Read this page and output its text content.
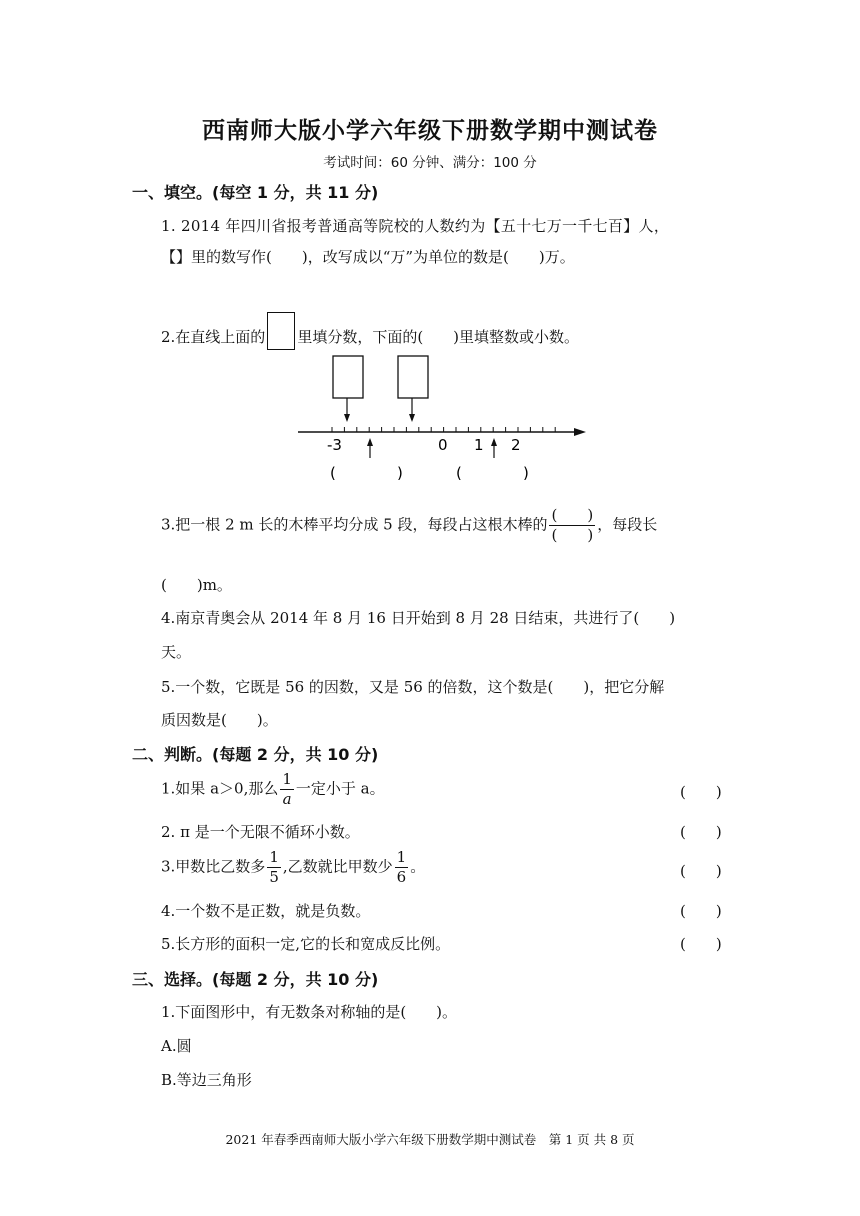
西南师大版小学六年级下册数学期中测试卷
考试时间：60 分钟、满分：100 分
一、填空。(每空 1 分，共 11 分)
1. 2014 年四川省报考普通高等院校的人数约为【五十七万一千七百】人，
【】里的数写作(　　)，改写成以“万”为单位的数是(　　)万。
2.在直线上面的 里填分数，下面的(　　)里填整数或小数。
-3	0 1 2
(	)	(	)
3.把一根 2 m 长的木棒平均分成 5 段，每段占这根木棒的 $\frac{( )}{( )}$ ，每段长
(　　)m。
4.南京青奥会从 2014 年 8 月 16 日开始到 8 月 28 日结束，共进行了(　　)
天。
5.一个数，它既是 56 的因数，又是 56 的倍数，这个数是(　　)，把它分解
质因数是(　　)。
二、判断。(每题 2 分，共 10 分)
1.如果 a＞0,那么 $\frac{1}{a}$ 一定小于 a。	(　　)
2. π 是一个无限不循环小数。	(　　)
3.甲数比乙数多 $\frac{1}{5}$ ,乙数就比甲数少 $\frac{1}{6}$ 。	(　　)
4.一个数不是正数，就是负数。	(　　)
5.长方形的面积一定,它的长和宽成反比例。	(　　)
三、选择。(每题 2 分，共 10 分)
1.下面图形中，有无数条对称轴的是(　　)。
A.圆
B.等边三角形
2021 年春季西南师大版小学六年级下册数学期中测试卷　第 1 页 共 8 页
